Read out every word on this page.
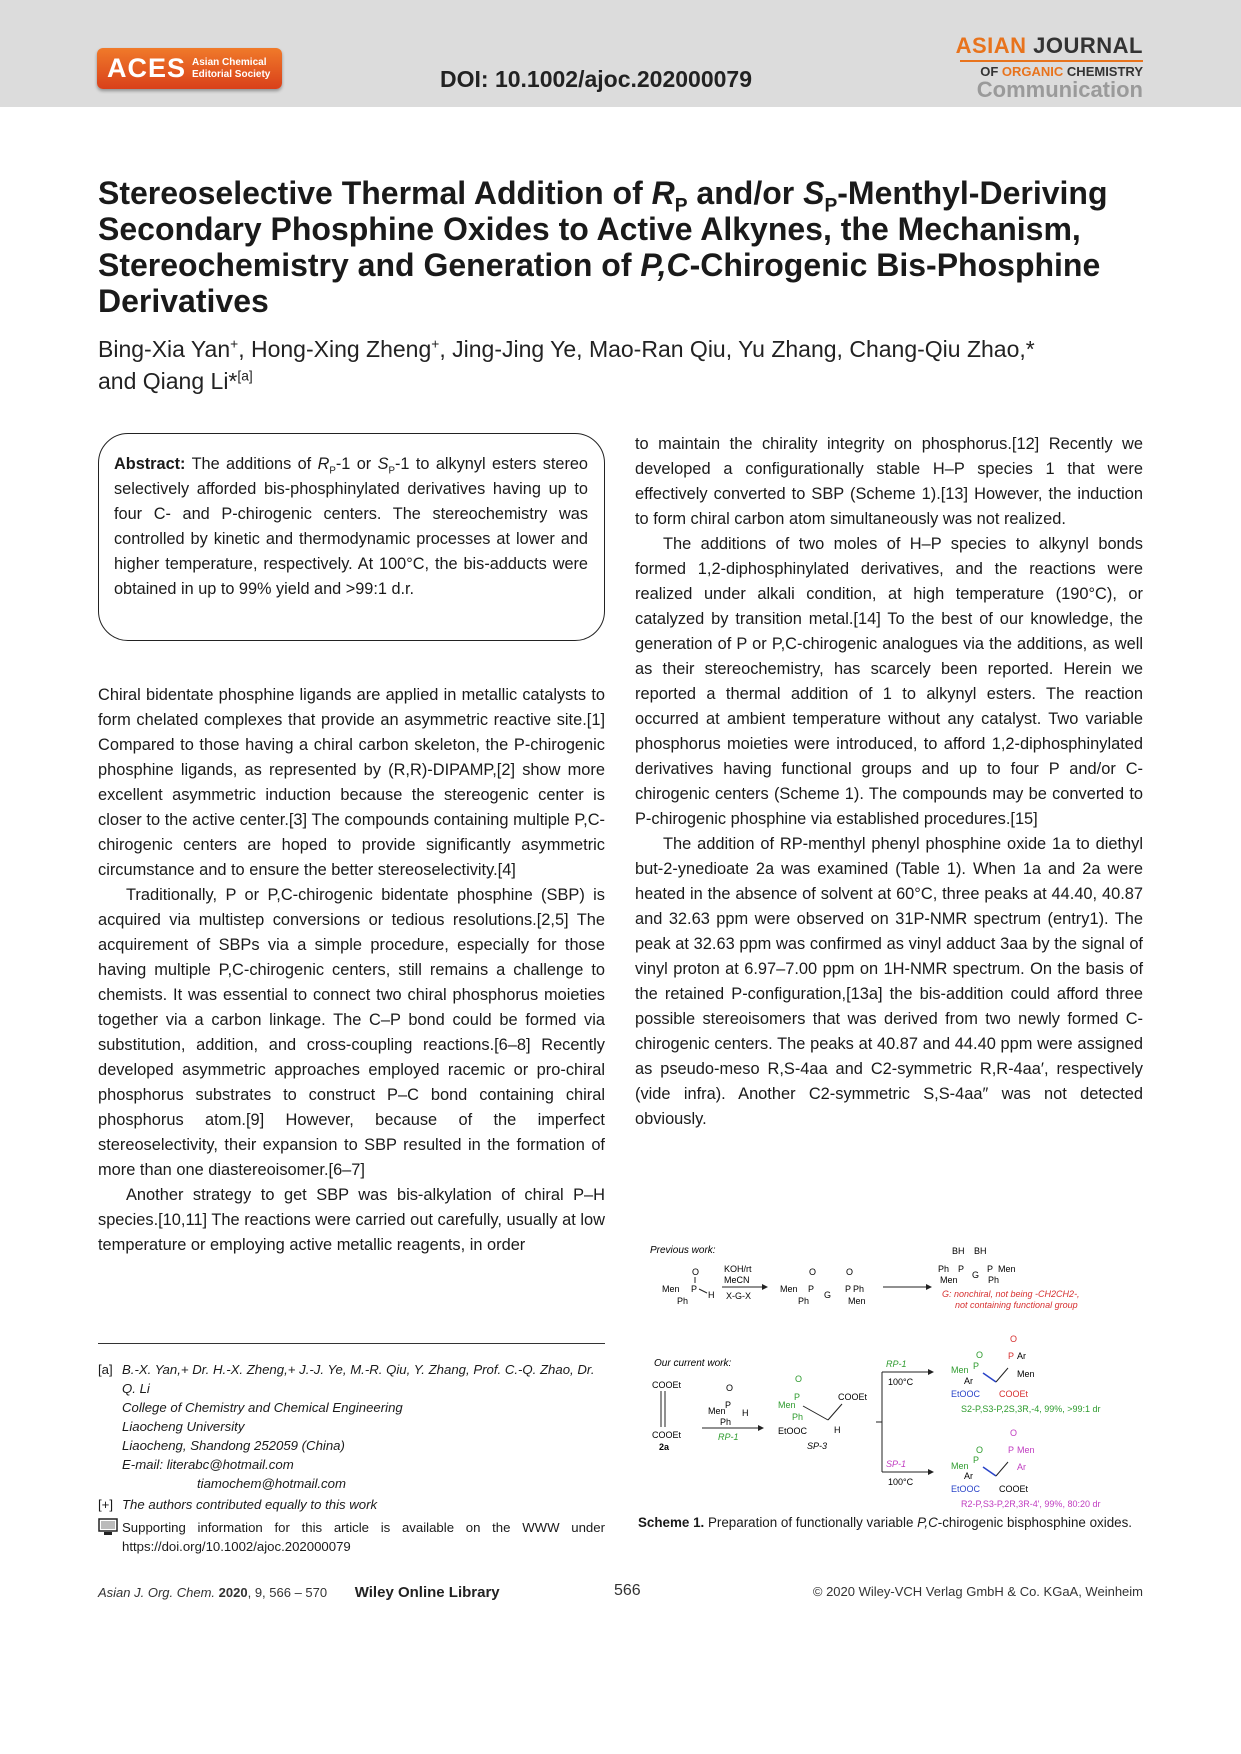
ACES Asian Chemical
Editorial Society	DOI: 10.1002/ajoc.202000079
ASIAN JOURNAL
OF ORGANIC CHEMISTRY
Communication
Stereoselective Thermal Addition of $R_P$ and/or $S_P-Menthyl$-Deriving Secondary Phosphine Oxides to Active Alkynes, the Mechanism, Stereochemistry and Generation of P,C-Chirogenic Bis-Phosphine Derivatives
Bing-Xia Yan+, Hong-Xing Zheng+, Jing-Jing Ye, Mao-Ran Qiu, Yu Zhang, Chang-Qiu Zhao,*
and Qiang Li*[a]
Abstract: The additions of $R_P-1$ or $S_P-1$ to alkynyl esters stereo selectively afforded bis-phosphinylated derivatives having up to four C- and P-chirogenic centers. The stereochemistry was controlled by kinetic and thermodynamic processes at lower and higher temperature, respectively. At 100°C, the bis-adducts were obtained in up to 99% yield and >99:1 d.r.

Chiral bidentate phosphine ligands are applied in metallic catalysts to form chelated complexes that provide an asymmetric reactive site.[1] Compared to those having a chiral carbon skeleton, the P-chirogenic phosphine ligands, as represented by (R,R)-DIPAMP,[2] show more excellent asymmetric induction because the stereogenic center is closer to the active center.[3] The compounds containing multiple P,C-chirogenic centers are hoped to provide significantly asymmetric circumstance and to ensure the better stereoselectivity.[4]

Traditionally, P or P,C-chirogenic bidentate phosphine (SBP) is acquired via multistep conversions or tedious resolutions.[2,5] The acquirement of SBPs via a simple procedure, especially for those having multiple P,C-chirogenic centers, still remains a challenge to chemists. It was essential to connect two chiral phosphorus moieties together via a carbon linkage. The C–P bond could be formed via substitution, addition, and cross-coupling reactions.[6–8] Recently developed asymmetric approaches employed racemic or pro-chiral phosphorus substrates to construct P–C bond containing chiral phosphorus atom.[9] However, because of the imperfect stereoselectivity, their expansion to SBP resulted in the formation of more than one diastereoisomer.[6–7]

Another strategy to get SBP was bis-alkylation of chiral P–H species.[10,11] The reactions were carried out carefully, usually at low temperature or employing active metallic reagents, in order

to maintain the chirality integrity on phosphorus.[12] Recently we developed a configurationally stable H–P species 1 that were effectively converted to SBP (Scheme 1).[13] However, the induction to form chiral carbon atom simultaneously was not realized.

The additions of two moles of H–P species to alkynyl bonds formed 1,2-diphosphinylated derivatives, and the reactions were realized under alkali condition, at high temperature (190°C), or catalyzed by transition metal.[14] To the best of our knowledge, the generation of P or P,C-chirogenic analogues via the additions, as well as their stereochemistry, has scarcely been reported. Herein we reported a thermal addition of 1 to alkynyl esters. The reaction occurred at ambient temperature without any catalyst. Two variable phosphorus moieties were introduced, to afford 1,2-diphosphinylated derivatives having functional groups and up to four P and/or C-chirogenic centers (Scheme 1). The compounds may be converted to P-chirogenic phosphine via established procedures.[15]

The addition of RP-menthyl phenyl phosphine oxide 1a to diethyl but-2-ynedioate 2a was examined (Table 1). When 1a and 2a were heated in the absence of solvent at 60°C, three peaks at 44.40, 40.87 and 32.63 ppm were observed on 31P-NMR spectrum (entry1). The peak at 32.63 ppm was confirmed as vinyl adduct 3aa by the signal of vinyl proton at 6.97–7.00 ppm on 1H-NMR spectrum. On the basis of the retained P-configuration,[13a] the bis-addition could afford three possible stereoisomers that was derived from two newly formed C-chirogenic centers. The peaks at 40.87 and 44.40 ppm were assigned as pseudo-meso R,S-4aa and C2-symmetric R,R-4aa′, respectively (vide infra). Another C2-symmetric S,S-4aa″ was not detected obviously.

[a] B.-X. Yan,+ Dr. H.-X. Zheng,+ J.-J. Ye, M.-R. Qiu, Y. Zhang, Prof. C.-Q. Zhao, Dr. Q. Li
College of Chemistry and Chemical Engineering
Liaocheng University
Liaocheng, Shandong 252059 (China)
E-mail: literabc@hotmail.com
tiamochem@hotmail.com
[+] The authors contributed equally to this work
Supporting information for this article is available on the WWW under https://doi.org/10.1002/ajoc.202000079
Previous work:
O
Men P
H
Ph
KOH/rt
MeCN
X-G-X
O	O
Men P
G
P Ph
Ph	Men
BH BH
Ph P
G
P Men
Men	Ph
G: nonchiral, not being -CH2CH2-,
not containing functional group
Our current work:
COOEt
COOEt
2a
O
Men
P
H
Ph
RP-1
O
Men
P
Ph
COOEt
EtOOC	H
SP-3
RP-1
100°C
SP-1
100°C
O
O
Men P
P Ar
Ar
Men
EtOOC COOEt
S2-P,S3-P,2S,3R,-4, 99%, >99:1 dr
O
O
Men
P
P Men
Ar
Ar
EtOOC COOEt
R2-P,S3-P,2R,3R-4', 99%, 80:20 dr
Scheme 1. Preparation of functionally variable P,C-chirogenic bisphosphine oxides.
Asian J. Org. Chem. 2020, 9, 566 – 570 Wiley Online Library	566	© 2020 Wiley-VCH Verlag GmbH & Co. KGaA, Weinheim
